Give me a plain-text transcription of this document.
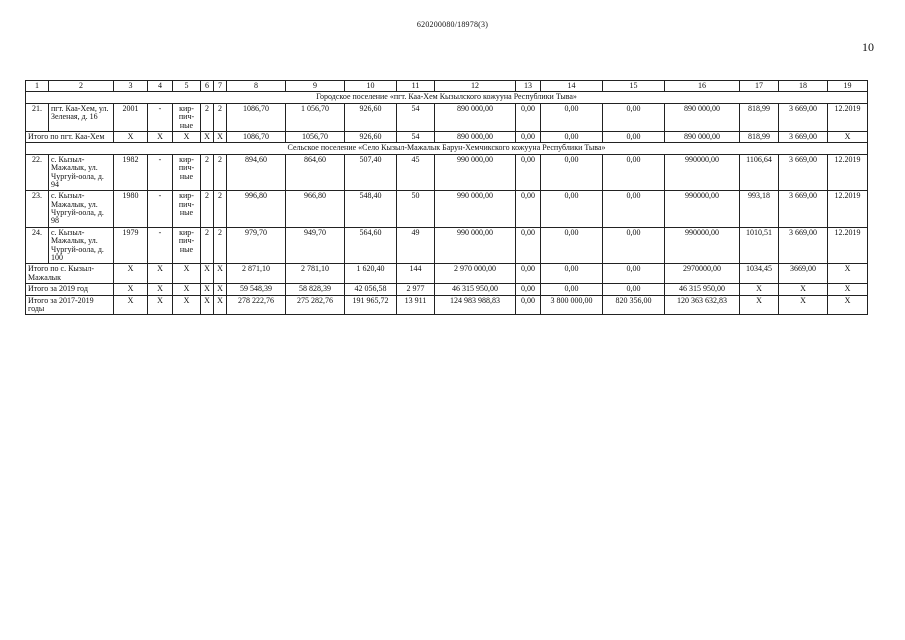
620200080/18978(3)
10
1	2	3	4	5	6	7	8	9	10	11	12	13	14	15	16	17	18	19
Городское поселение «пгт. Каа-Хем Кызылского кожууна Республики Тыва»																		
21.	пгт. Каа-Хем, ул. Зеленая, д. 16	2001	-	кир-пич-ные	2	2	1086,70	1 056,70	926,60	54	890 000,00	0,00	0,00	0,00	890 000,00	818,99	3 669,00	12.2019
Итого по пгт. Каа-Хем		X	X	X	X	X	1086,70	1056,70	926,60	54	890 000,00	0,00	0,00	0,00	890 000,00	818,99	3 669,00	X
Сельское поселение «Село Кызыл-Мажалык Барун-Хемчикского кожууна Республики Тыва»																		
22.	с. Кызыл-Мажалык, ул. Чургуй-оола, д. 94	1982	-	кир-пич-ные	2	2	894,60	864,60	507,40	45	990 000,00	0,00	0,00	0,00	990000,00	1106,64	3 669,00	12.2019
23.	с. Кызыл-Мажалык, ул. Чургуй-оола, д. 98	1980	-	кир-пич-ные	2	2	996,80	966,80	548,40	50	990 000,00	0,00	0,00	0,00	990000,00	993,18	3 669,00	12.2019
24.	с. Кызыл-Мажалык, ул. Чургуй-оола, д. 100	1979	-	кир-пич-ные	2	2	979,70	949,70	564,60	49	990 000,00	0,00	0,00	0,00	990000,00	1010,51	3 669,00	12.2019
Итого по с. Кызыл-Мажалык		X	X	X	X	X	2 871,10	2 781,10	1 620,40	144	2 970 000,00	0,00	0,00	0,00	2970000,00	1034,45	3669,00	X
Итого за 2019 год		X	X	X	X	X	59 548,39	58 828,39	42 056,58	2 977	46 315 950,00	0,00	0,00	0,00	46 315 950,00	X	X	X
Итого за 2017-2019 годы		X	X	X	X	X	278 222,76	275 282,76	191 965,72	13 911	124 983 988,83	0,00	3 800 000,00	820 356,00	120 363 632,83	X	X	X
